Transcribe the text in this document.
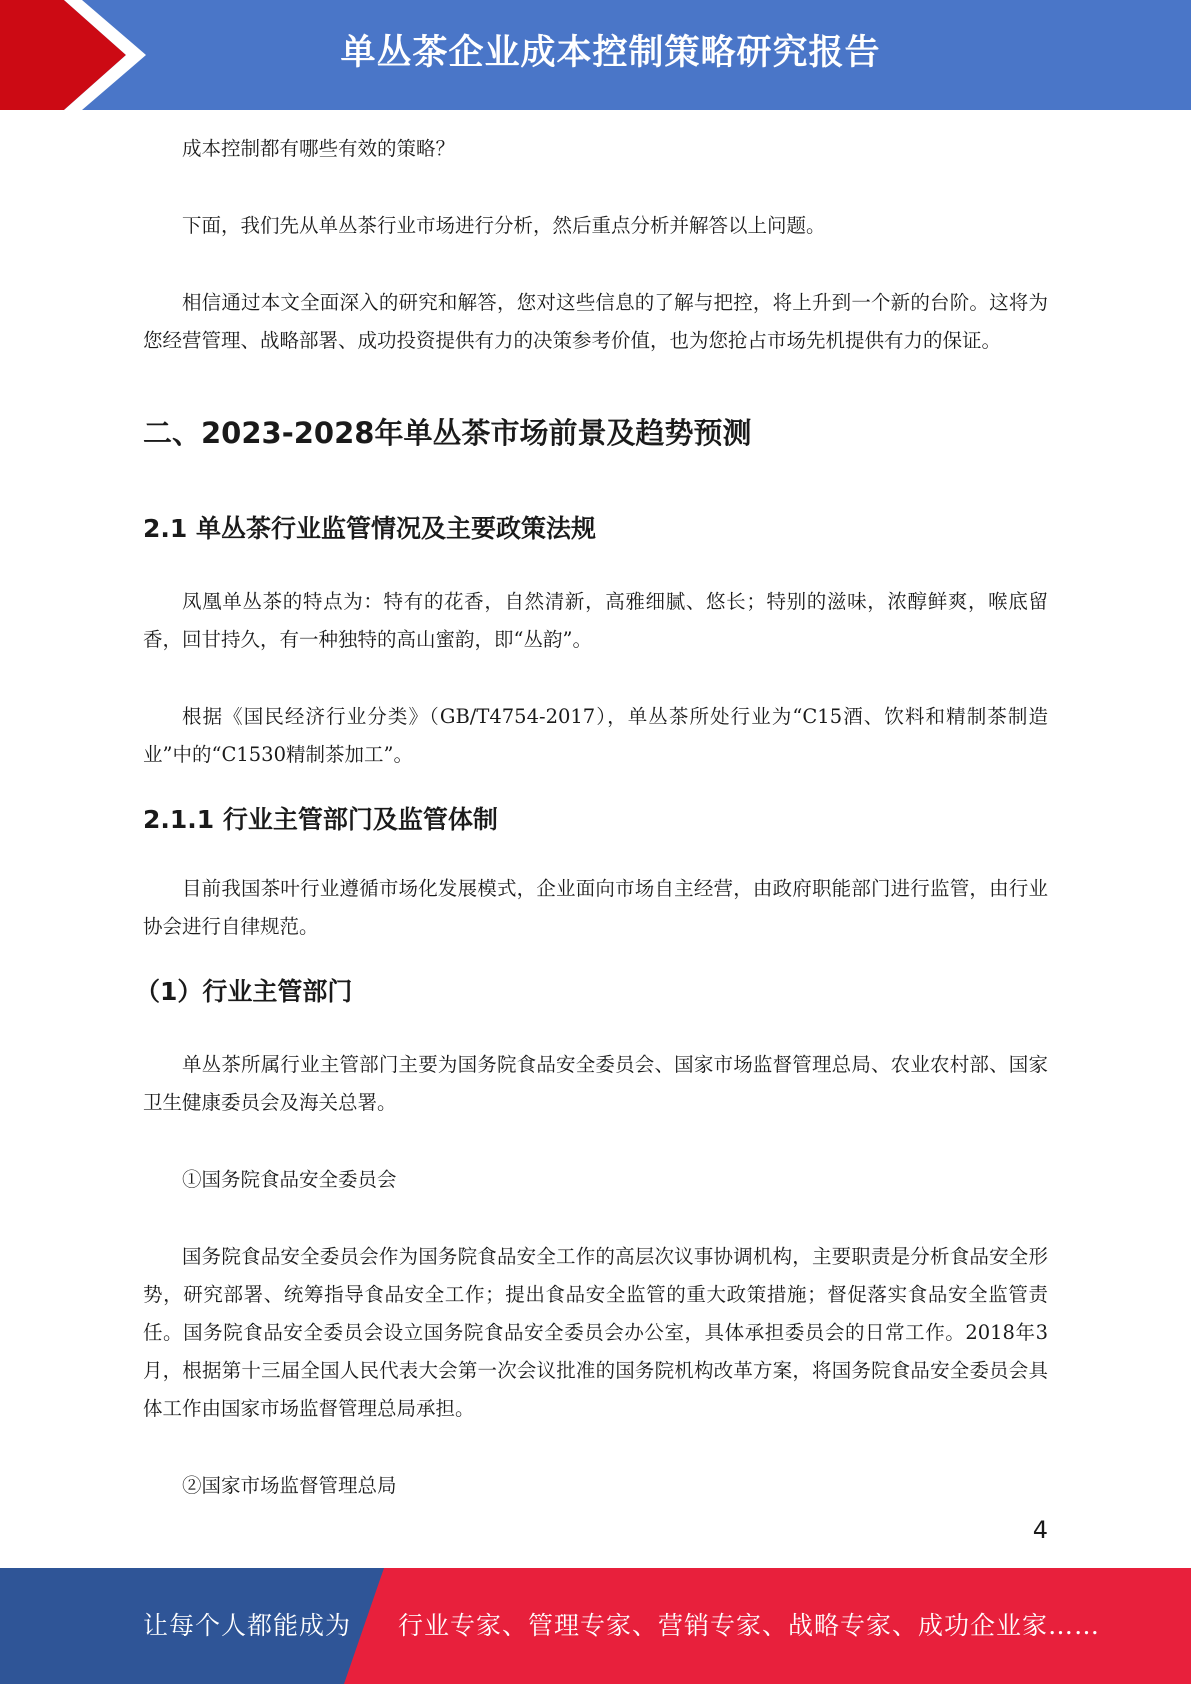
单丛茶企业成本控制策略研究报告

成本控制都有哪些有效的策略？

下面，我们先从单丛茶行业市场进行分析，然后重点分析并解答以上问题。

相信通过本文全面深入的研究和解答，您对这些信息的了解与把控，将上升到一个新的台阶。这将为您经营管理、战略部署、成功投资提供有力的决策参考价值，也为您抢占市场先机提供有力的保证。

二、2023-2028年单丛茶市场前景及趋势预测
2.1 单丛茶行业监管情况及主要政策法规

凤凰单丛茶的特点为：特有的花香，自然清新，高雅细腻、悠长；特别的滋味，浓醇鲜爽，喉底留香，回甘持久，有一种独特的高山蜜韵，即“丛韵”。

根据《国民经济行业分类》（GB/T4754-2017），单丛茶所处行业为“C15酒、饮料和精制茶制造业”中的“C1530精制茶加工”。

2.1.1 行业主管部门及监管体制

目前我国茶叶行业遵循市场化发展模式，企业面向市场自主经营，由政府职能部门进行监管，由行业协会进行自律规范。

（1）行业主管部门

单丛茶所属行业主管部门主要为国务院食品安全委员会、国家市场监督管理总局、农业农村部、国家卫生健康委员会及海关总署。

①国务院食品安全委员会

国务院食品安全委员会作为国务院食品安全工作的高层次议事协调机构，主要职责是分析食品安全形势，研究部署、统筹指导食品安全工作；提出食品安全监管的重大政策措施；督促落实食品安全监管责任。国务院食品安全委员会设立国务院食品安全委员会办公室，具体承担委员会的日常工作。2018年3月，根据第十三届全国人民代表大会第一次会议批准的国务院机构改革方案，将国务院食品安全委员会具体工作由国家市场监督管理总局承担。

②国家市场监督管理总局

4
让每个人都能成为 行业专家、管理专家、营销专家、战略专家、成功企业家……
